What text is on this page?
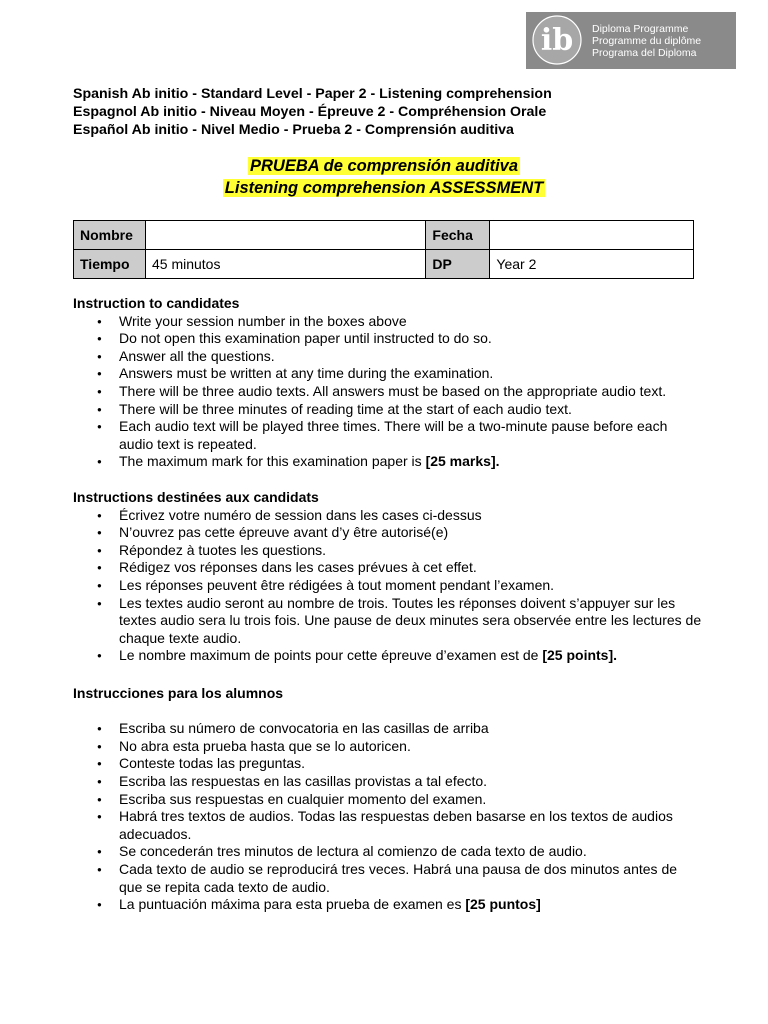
ib Diploma Programme
Programme du diplôme
Programa del Diploma
Spanish Ab initio - Standard Level - Paper 2 - Listening comprehension
Espagnol Ab initio - Niveau Moyen - Épreuve 2 - Compréhension Orale
Español Ab initio - Nivel Medio - Prueba 2 - Comprensión auditiva
PRUEBA de comprensión auditiva
Listening comprehension ASSESSMENT
Nombre		Fecha	
Tiempo	45 minutos	DP	Year 2
Instruction to candidates
● Write your session number in the boxes above
● Do not open this examination paper until instructed to do so.
● Answer all the questions.
● Answers must be written at any time during the examination.
● There will be three audio texts. All answers must be based on the appropriate audio text.
● There will be three minutes of reading time at the start of each audio text.
● Each audio text will be played three times. There will be a two-minute pause before each audio text is repeated.
● The maximum mark for this examination paper is [25 marks].
Instructions destinées aux candidats
● Écrivez votre numéro de session dans les cases ci-dessus
● N’ouvrez pas cette épreuve avant d’y être autorisé(e)
● Répondez à tuotes les questions.
● Rédigez vos réponses dans les cases prévues à cet effet.
● Les réponses peuvent être rédigées à tout moment pendant l’examen.
● Les textes audio seront au nombre de trois. Toutes les réponses doivent s’appuyer sur les textes audio sera lu trois fois. Une pause de deux minutes sera observée entre les lectures de chaque texte audio.
● Le nombre maximum de points pour cette épreuve d’examen est de [25 points].
Instrucciones para los alumnos
● Escriba su número de convocatoria en las casillas de arriba
● No abra esta prueba hasta que se lo autoricen.
● Conteste todas las preguntas.
● Escriba las respuestas en las casillas provistas a tal efecto.
● Escriba sus respuestas en cualquier momento del examen.
● Habrá tres textos de audios. Todas las respuestas deben basarse en los textos de audios adecuados.
● Se concederán tres minutos de lectura al comienzo de cada texto de audio.
● Cada texto de audio se reproducirá tres veces. Habrá una pausa de dos minutos antes de que se repita cada texto de audio.
● La puntuación máxima para esta prueba de examen es [25 puntos]
